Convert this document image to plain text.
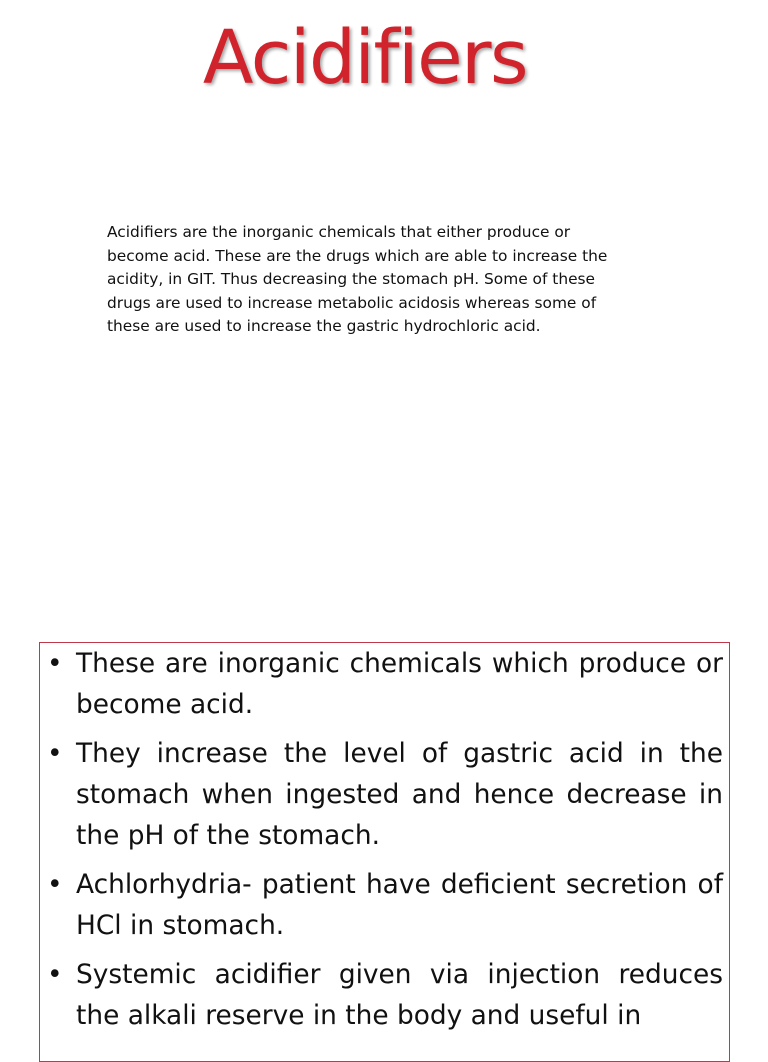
Acidifiers

Acidifiers are the inorganic chemicals that either produce or become acid. These are the drugs which are able to increase the acidity, in GIT. Thus decreasing the stomach pH. Some of these drugs are used to increase metabolic acidosis whereas some of these are used to increase the gastric hydrochloric acid.

• These are inorganic chemicals which produce or become acid.
• They increase the level of gastric acid in the stomach when ingested and hence decrease in the pH of the stomach.
• Achlorhydria- patient have deficient secretion of HCl in stomach.
• Systemic acidifier given via injection reduces the alkali reserve in the body and useful in
